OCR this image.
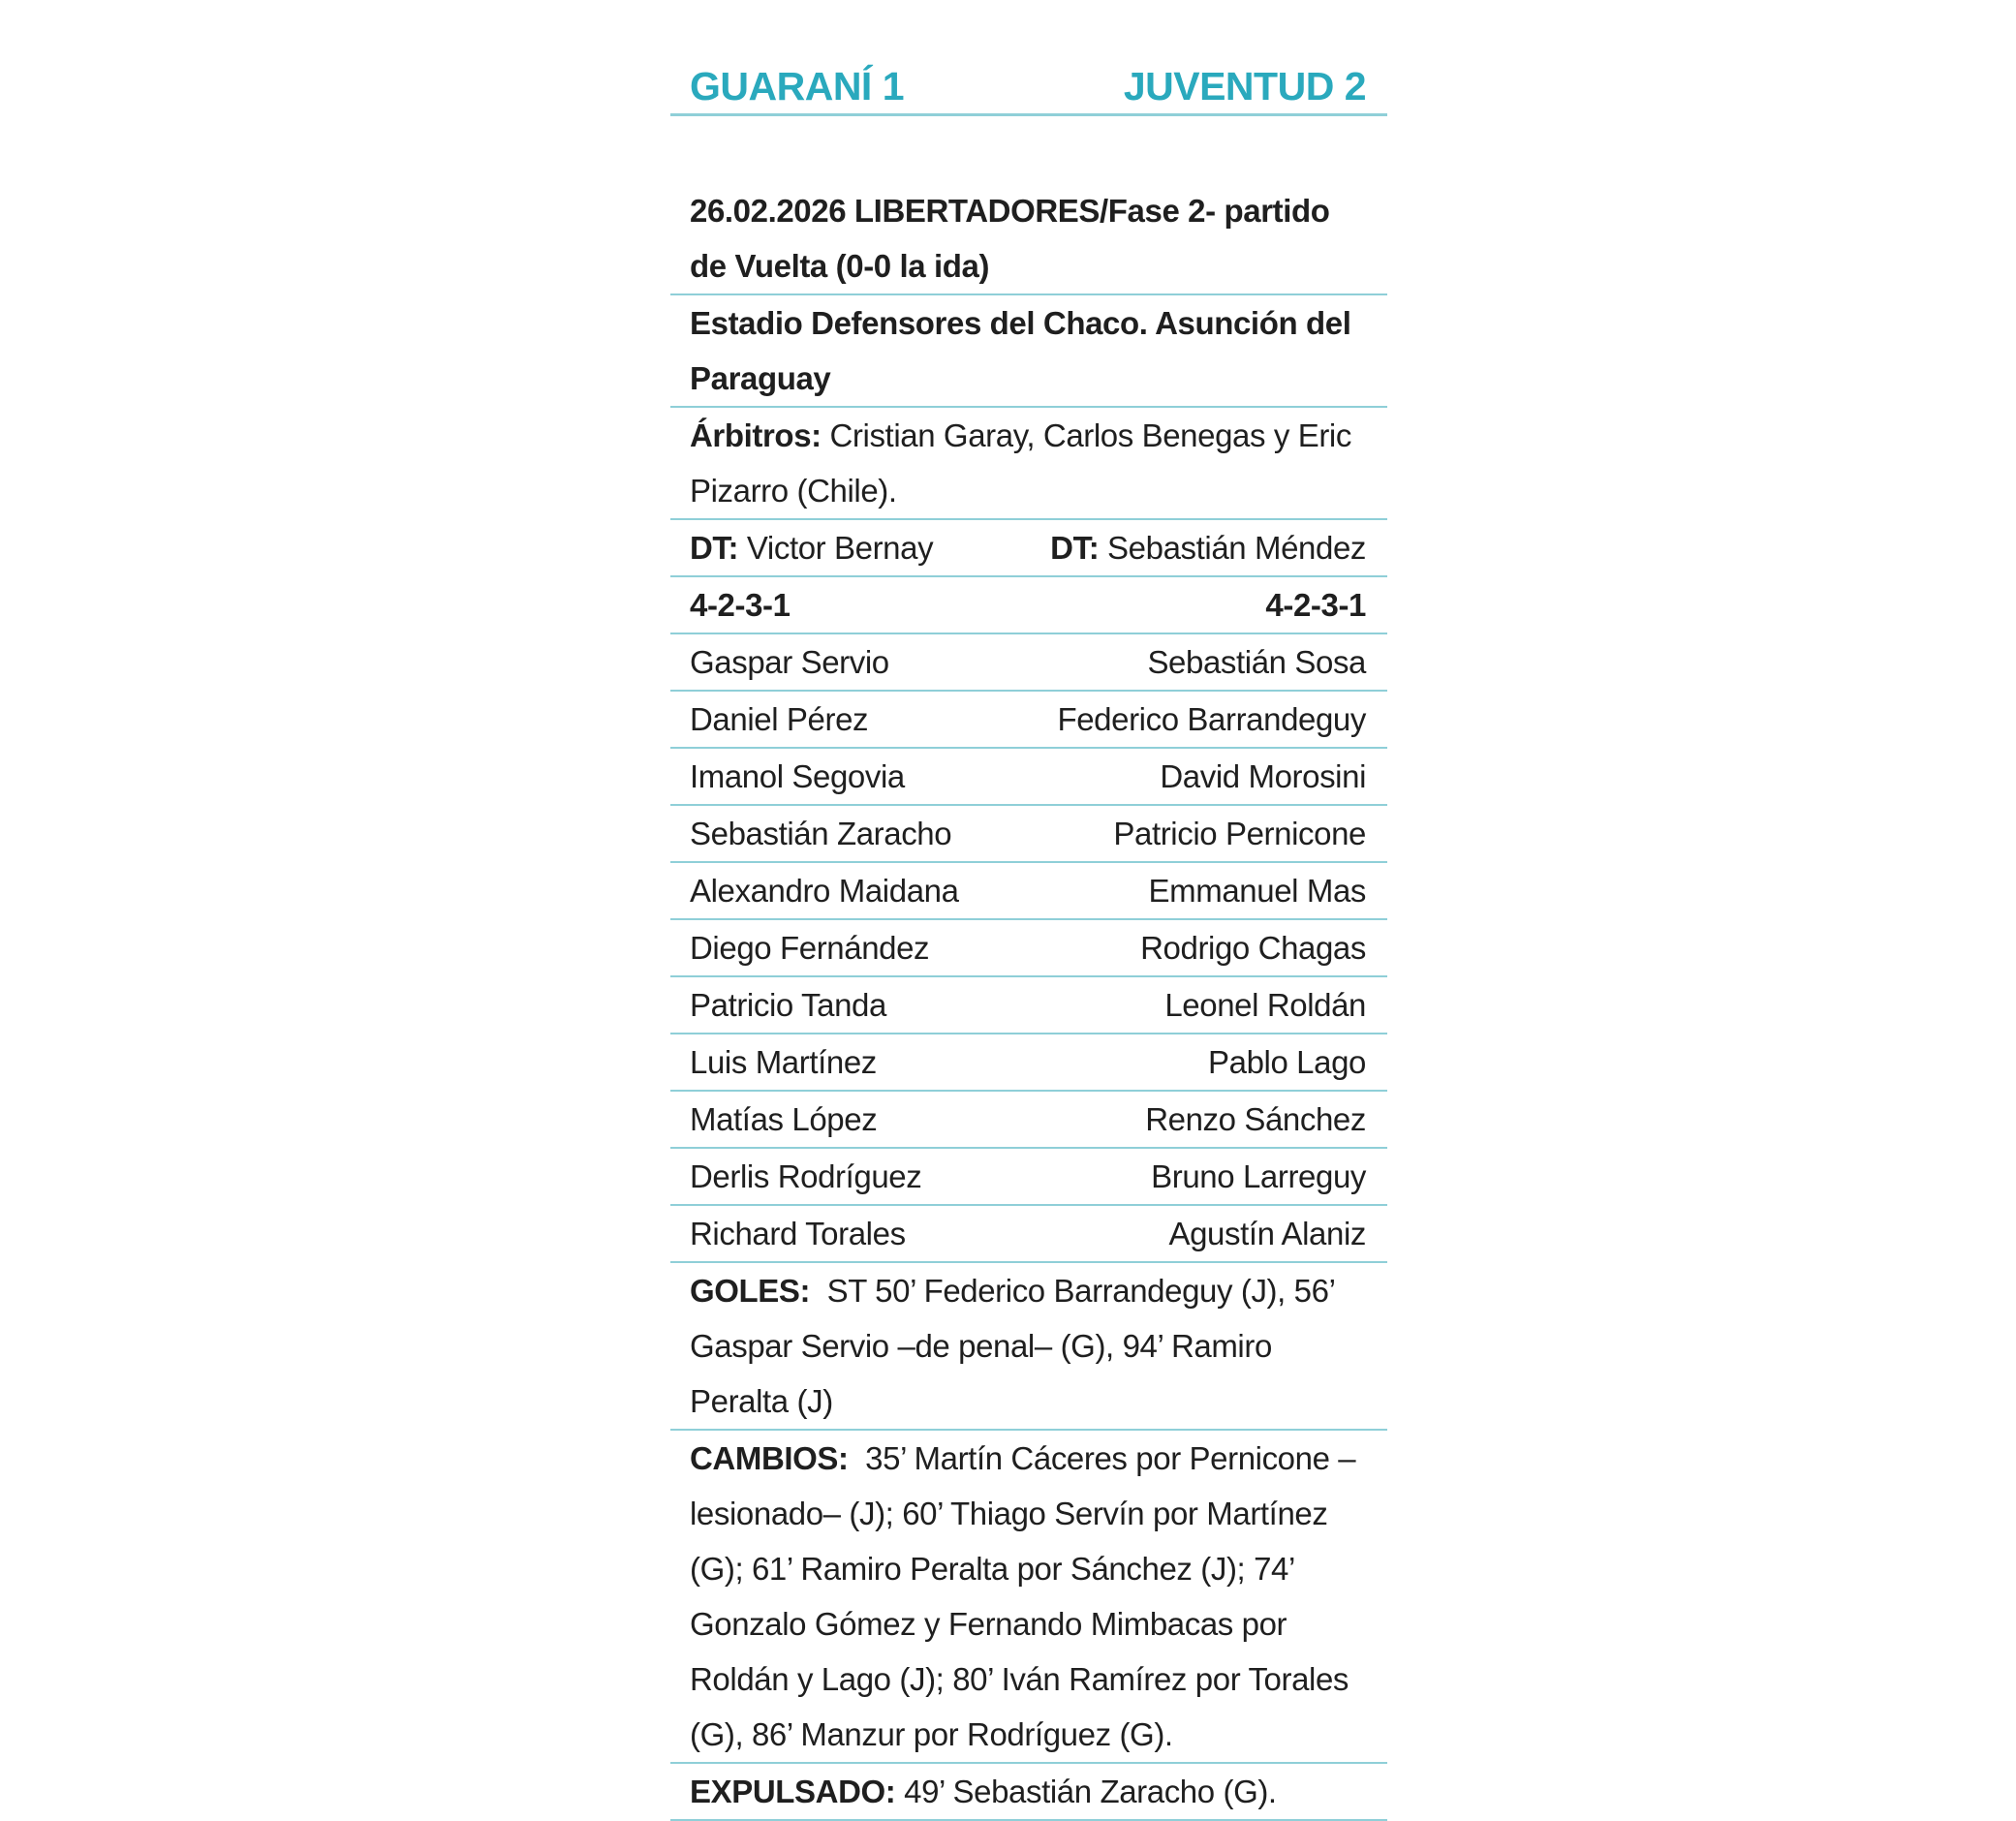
GUARANÍ 1	JUVENTUD 2
26.02.2026 LIBERTADORES/Fase 2- partido de Vuelta (0-0 la ida)
Estadio Defensores del Chaco. Asunción del Paraguay
Árbitros: Cristian Garay, Carlos Benegas y Eric Pizarro (Chile).
DT: Victor Bernay	DT: Sebastián Méndez
4-2-3-1	4-2-3-1
Gaspar Servio	Sebastián Sosa
Daniel Pérez	Federico Barrandeguy
Imanol Segovia	David Morosini
Sebastián Zaracho	Patricio Pernicone
Alexandro Maidana	Emmanuel Mas
Diego Fernández	Rodrigo Chagas
Patricio Tanda	Leonel Roldán
Luis Martínez	Pablo Lago
Matías López	Renzo Sánchez
Derlis Rodríguez	Bruno Larreguy
Richard Torales	Agustín Alaniz
GOLES:  ST 50’ Federico Barrandeguy (J), 56’ Gaspar Servio –de penal– (G), 94’ Ramiro Peralta (J)
CAMBIOS:  35’ Martín Cáceres por Pernicone –lesionado– (J); 60’ Thiago Servín por Martínez (G); 61’ Ramiro Peralta por Sánchez (J); 74’ Gonzalo Gómez y Fernando Mimbacas por Roldán y Lago (J); 80’ Iván Ramírez por Torales (G), 86’ Manzur por Rodríguez (G).
EXPULSADO: 49’ Sebastián Zaracho (G).
